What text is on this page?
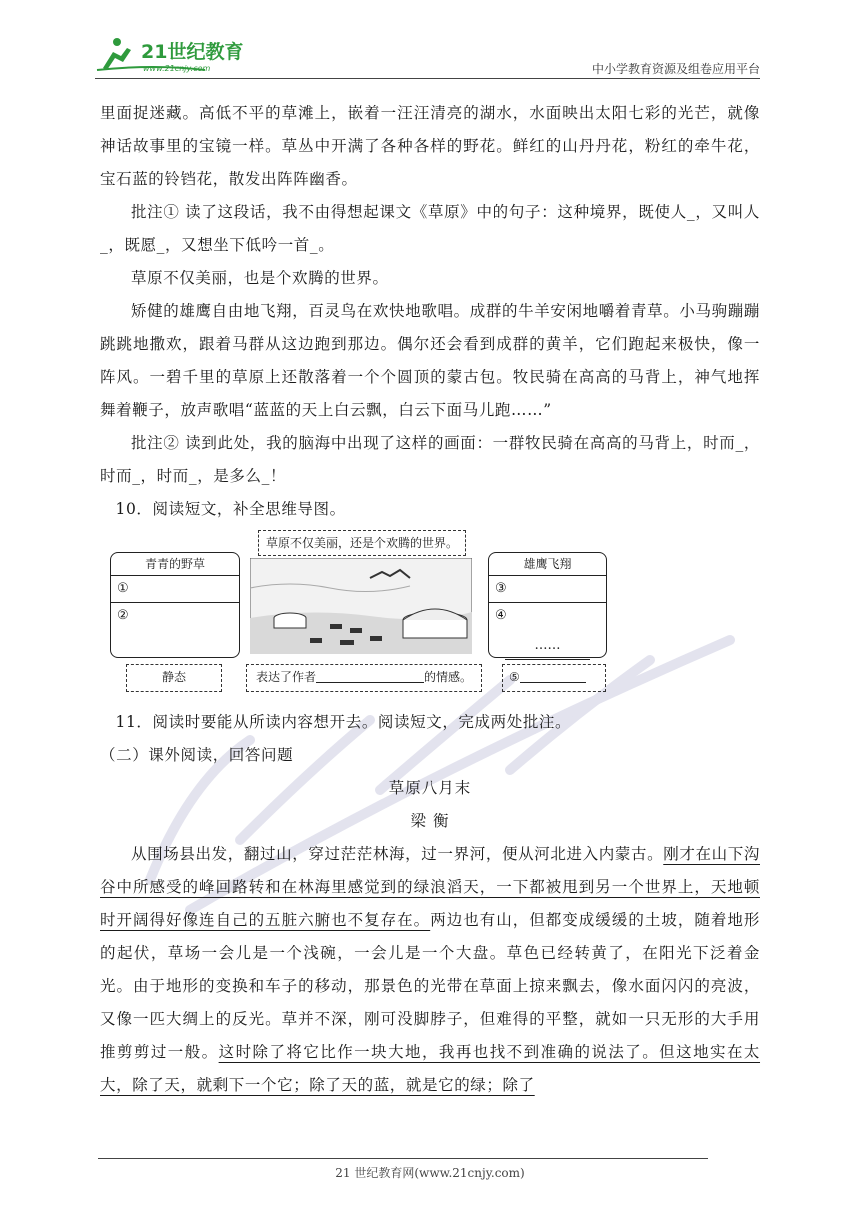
21世纪教育
www.21cnjy.com	中小学教育资源及组卷应用平台

里面捉迷藏。高低不平的草滩上，嵌着一汪汪清亮的湖水，水面映出太阳七彩的光芒，就像神话故事里的宝镜一样。草丛中开满了各种各样的野花。鲜红的山丹丹花，粉红的牵牛花，宝石蓝的铃铛花，散发出阵阵幽香。

批注① 读了这段话，我不由得想起课文《草原》中的句子：这种境界，既使人_，又叫人_，既愿_，又想坐下低吟一首_。

草原不仅美丽，也是个欢腾的世界。

矫健的雄鹰自由地飞翔，百灵鸟在欢快地歌唱。成群的牛羊安闲地嚼着青草。小马驹蹦蹦跳跳地撒欢，跟着马群从这边跑到那边。偶尔还会看到成群的黄羊，它们跑起来极快，像一阵风。一碧千里的草原上还散落着一个个圆顶的蒙古包。牧民骑在高高的马背上，神气地挥舞着鞭子，放声歌唱“蓝蓝的天上白云飘，白云下面马儿跑……”

批注② 读到此处，我的脑海中出现了这样的画面：一群牧民骑在高高的马背上，时而_，时而_，时而_，是多么_！

10．阅读短文，补全思维导图。

草原不仅美丽，还是个欢腾的世界。
青青的野草
①
②
雄鹰飞翔
③
④
……
静态	表达了作者	的情感。	⑤

11．阅读时要能从所读内容想开去。阅读短文，完成两处批注。

（二）课外阅读，回答问题

草原八月末

梁 衡

从围场县出发，翻过山，穿过茫茫林海，过一界河，便从河北进入内蒙古。刚才在山下沟谷中所感受的峰回路转和在林海里感觉到的绿浪滔天，一下都被甩到另一个世界上，天地顿时开阔得好像连自己的五脏六腑也不复存在。两边也有山，但都变成缓缓的土坡，随着地形的起伏，草场一会儿是一个浅碗，一会儿是一个大盘。草色已经转黄了，在阳光下泛着金光。由于地形的变换和车子的移动，那景色的光带在草面上掠来飘去，像水面闪闪的亮波，又像一匹大绸上的反光。草并不深，刚可没脚脖子，但难得的平整，就如一只无形的大手用推剪剪过一般。这时除了将它比作一块大地，我再也找不到准确的说法了。但这地实在太大，除了天，就剩下一个它；除了天的蓝，就是它的绿；除了

21 世纪教育网(www.21cnjy.com)
